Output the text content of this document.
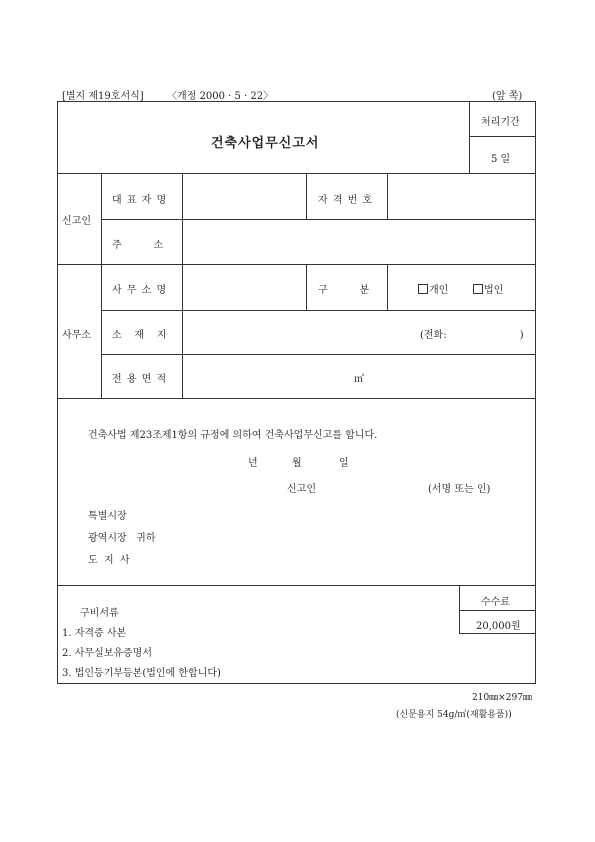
[별지 제19호서식] 〈개정 2000 · 5 · 22〉	(앞 쪽)
건축사업무신고서
처리기간
5 일
신고인
대 표 자 명	자 격 번 호
주          소
사무소
사 무 소 명	구          분	개인	법인
소    재    지	(전화:                       )
전 용 면 적	㎡
건축사법 제23조제1항의 규정에 의하여 건축사업무신고를 합니다.
년	월	일
신고인	(서명 또는 인)
특별시장
광역시장   귀하
도  지  사
구비서류
1. 자격증 사본
2. 사무실보유증명서
3. 법인등기부등본(법인에 한합니다)
수수료
20,000원
210㎜×297㎜
(신문용지 54g/㎡(재활용품))
